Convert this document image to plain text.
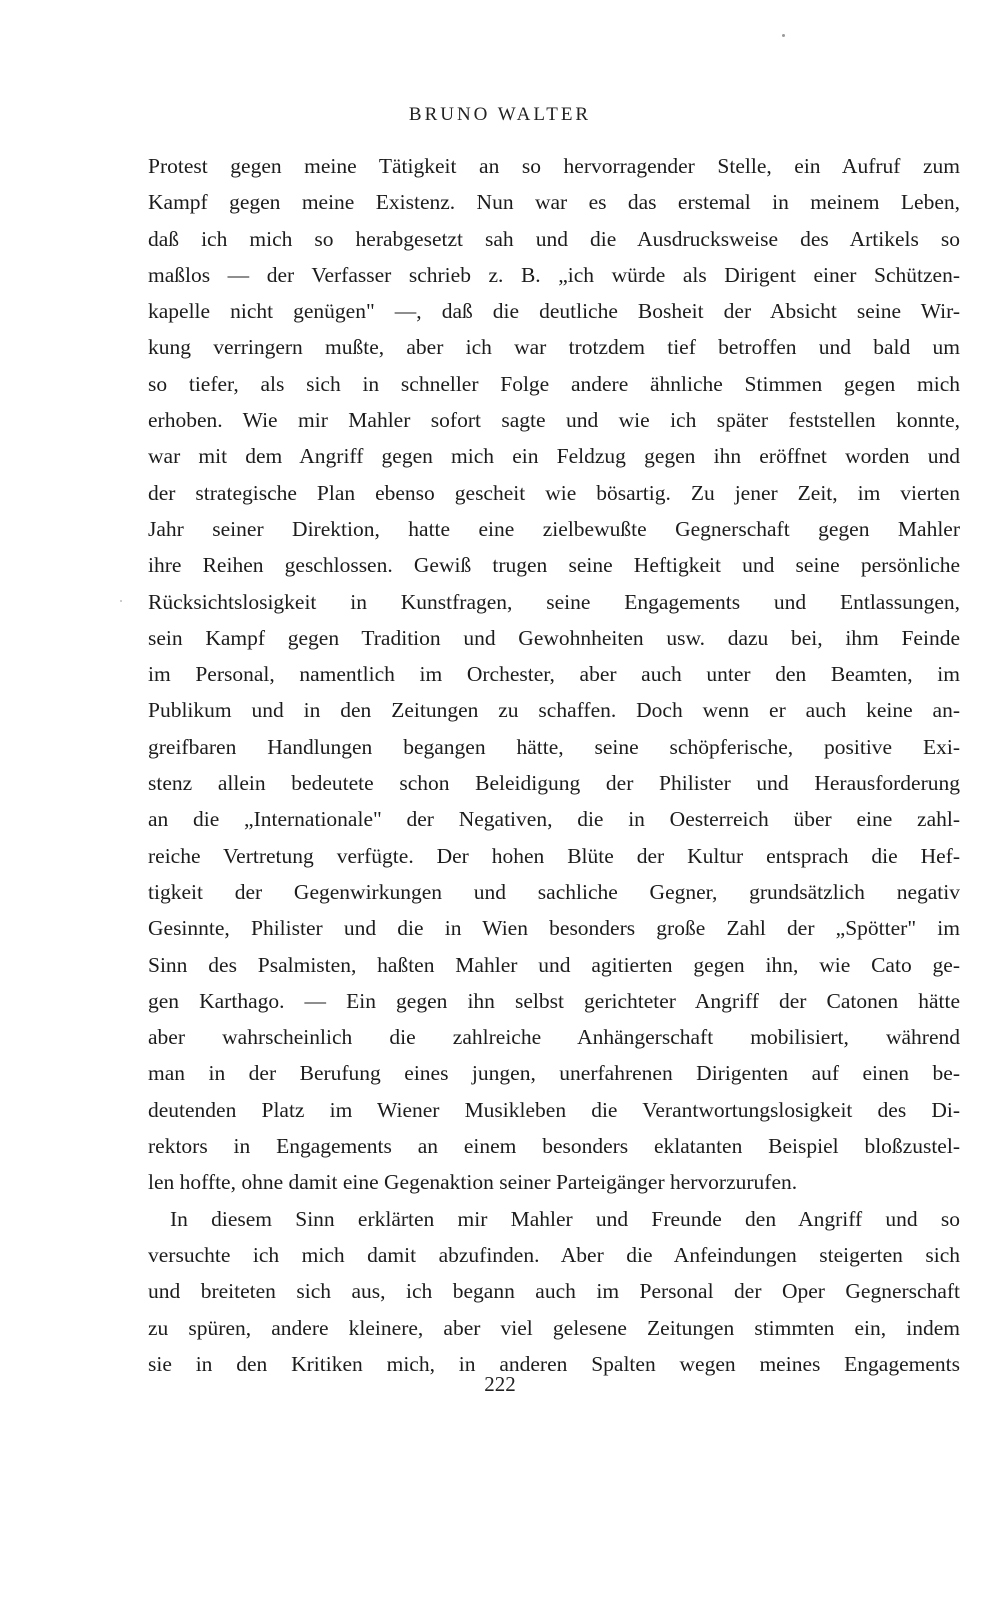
BRUNO WALTER
Protest gegen meine Tätigkeit an so hervorragender Stelle, ein Aufruf zum
Kampf gegen meine Existenz. Nun war es das erstemal in meinem Leben,
daß ich mich so herabgesetzt sah und die Ausdrucksweise des Artikels so
maßlos — der Verfasser schrieb z. B. „ich würde als Dirigent einer Schützen-
kapelle nicht genügen" —, daß die deutliche Bosheit der Absicht seine Wir-
kung verringern mußte, aber ich war trotzdem tief betroffen und bald um
so tiefer, als sich in schneller Folge andere ähnliche Stimmen gegen mich
erhoben. Wie mir Mahler sofort sagte und wie ich später feststellen konnte,
war mit dem Angriff gegen mich ein Feldzug gegen ihn eröffnet worden und
der strategische Plan ebenso gescheit wie bösartig. Zu jener Zeit, im vierten
Jahr seiner Direktion, hatte eine zielbewußte Gegnerschaft gegen Mahler
ihre Reihen geschlossen. Gewiß trugen seine Heftigkeit und seine persönliche
Rücksichtslosigkeit in Kunstfragen, seine Engagements und Entlassungen,
sein Kampf gegen Tradition und Gewohnheiten usw. dazu bei, ihm Feinde
im Personal, namentlich im Orchester, aber auch unter den Beamten, im
Publikum und in den Zeitungen zu schaffen. Doch wenn er auch keine an-
greifbaren Handlungen begangen hätte, seine schöpferische, positive Exi-
stenz allein bedeutete schon Beleidigung der Philister und Herausforderung
an die „Internationale" der Negativen, die in Oesterreich über eine zahl-
reiche Vertretung verfügte. Der hohen Blüte der Kultur entsprach die Hef-
tigkeit der Gegenwirkungen und sachliche Gegner, grundsätzlich negativ
Gesinnte, Philister und die in Wien besonders große Zahl der „Spötter" im
Sinn des Psalmisten, haßten Mahler und agitierten gegen ihn, wie Cato ge-
gen Karthago. — Ein gegen ihn selbst gerichteter Angriff der Catonen hätte
aber wahrscheinlich die zahlreiche Anhängerschaft mobilisiert, während
man in der Berufung eines jungen, unerfahrenen Dirigenten auf einen be-
deutenden Platz im Wiener Musikleben die Verantwortungslosigkeit des Di-
rektors in Engagements an einem besonders eklatanten Beispiel bloßzustel-
len hoffte, ohne damit eine Gegenaktion seiner Parteigänger hervorzurufen.
In diesem Sinn erklärten mir Mahler und Freunde den Angriff und so
versuchte ich mich damit abzufinden. Aber die Anfeindungen steigerten sich
und breiteten sich aus, ich begann auch im Personal der Oper Gegnerschaft
zu spüren, andere kleinere, aber viel gelesene Zeitungen stimmten ein, indem
sie in den Kritiken mich, in anderen Spalten wegen meines Engagements
222
